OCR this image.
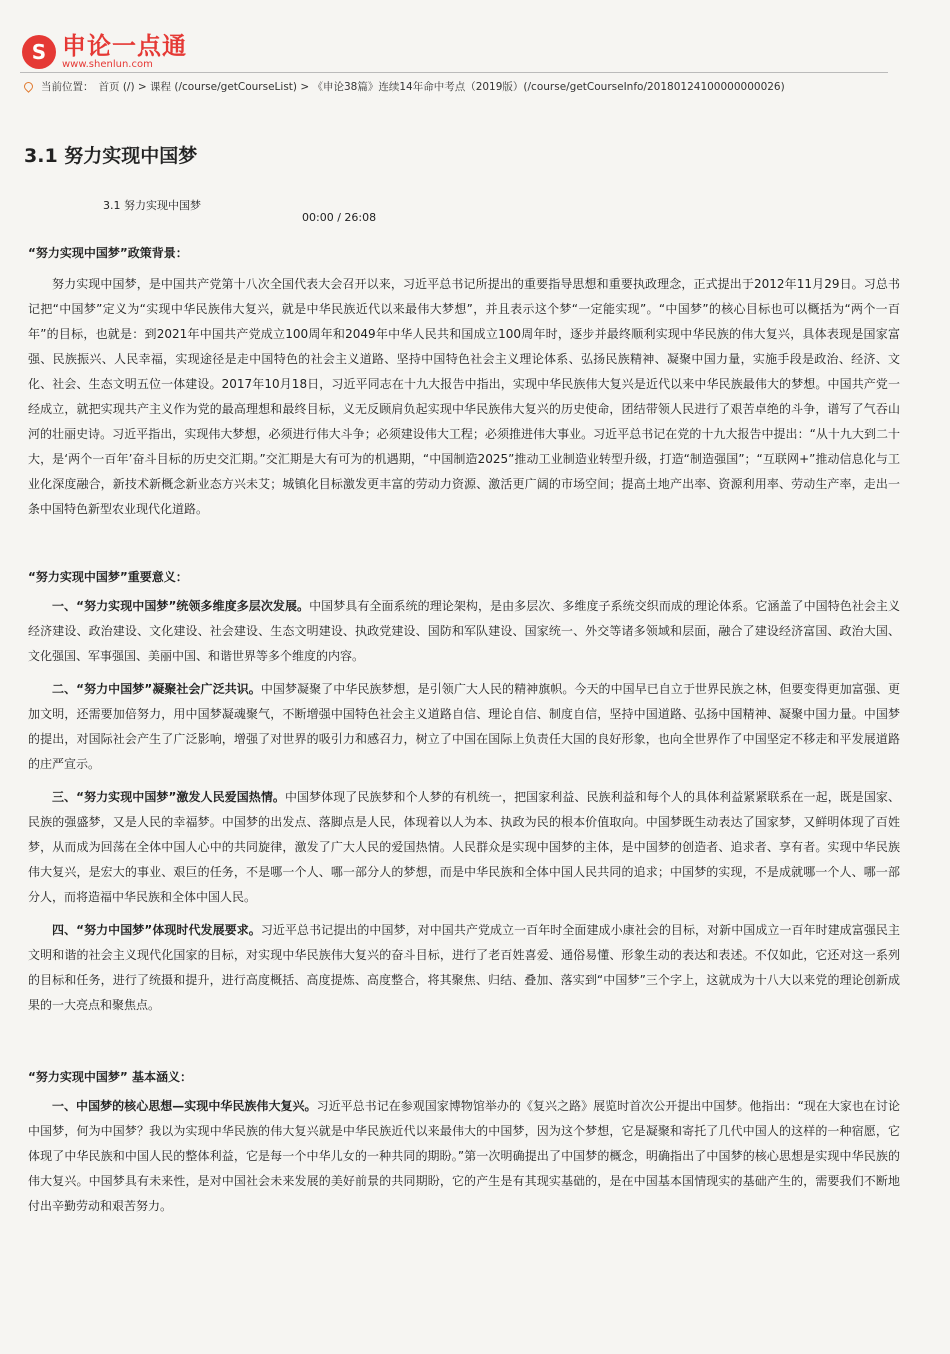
S 申论一点通
www.shenlun.com
当前位置： 首页 (/) > 课程 (/course/getCourseList) > 《申论38篇》连续14年命中考点（2019版）(/course/getCourseInfo/20180124100000000026)
3.1 努力实现中国梦
3.1 努力实现中国梦
00:00 / 26:08
“努力实现中国梦”政策背景：

努力实现中国梦，是中国共产党第十八次全国代表大会召开以来，习近平总书记所提出的重要指导思想和重要执政理念，正式提出于2012年11月29日。习总书记把“中国梦”定义为“实现中华民族伟大复兴，就是中华民族近代以来最伟大梦想”，并且表示这个梦“一定能实现”。“中国梦”的核心目标也可以概括为“两个一百年”的目标，也就是：到2021年中国共产党成立100周年和2049年中华人民共和国成立100周年时，逐步并最终顺利实现中华民族的伟大复兴，具体表现是国家富强、民族振兴、人民幸福，实现途径是走中国特色的社会主义道路、坚持中国特色社会主义理论体系、弘扬民族精神、凝聚中国力量，实施手段是政治、经济、文化、社会、生态文明五位一体建设。2017年10月18日，习近平同志在十九大报告中指出，实现中华民族伟大复兴是近代以来中华民族最伟大的梦想。中国共产党一经成立，就把实现共产主义作为党的最高理想和最终目标，义无反顾肩负起实现中华民族伟大复兴的历史使命，团结带领人民进行了艰苦卓绝的斗争，谱写了气吞山河的壮丽史诗。习近平指出，实现伟大梦想，必须进行伟大斗争；必须建设伟大工程；必须推进伟大事业。习近平总书记在党的十九大报告中提出：“从十九大到二十大，是‘两个一百年’奋斗目标的历史交汇期。”交汇期是大有可为的机遇期，“中国制造2025”推动工业制造业转型升级，打造“制造强国”；“互联网+”推动信息化与工业化深度融合，新技术新概念新业态方兴未艾；城镇化目标激发更丰富的劳动力资源、激活更广阔的市场空间；提高土地产出率、资源利用率、劳动生产率，走出一条中国特色新型农业现代化道路。

“努力实现中国梦”重要意义：

一、“努力实现中国梦”统领多维度多层次发展。中国梦具有全面系统的理论架构，是由多层次、多维度子系统交织而成的理论体系。它涵盖了中国特色社会主义经济建设、政治建设、文化建设、社会建设、生态文明建设、执政党建设、国防和军队建设、国家统一、外交等诸多领域和层面，融合了建设经济富国、政治大国、文化强国、军事强国、美丽中国、和谐世界等多个维度的内容。

二、“努力中国梦”凝聚社会广泛共识。中国梦凝聚了中华民族梦想，是引领广大人民的精神旗帜。今天的中国早已自立于世界民族之林，但要变得更加富强、更加文明，还需要加倍努力，用中国梦凝魂聚气，不断增强中国特色社会主义道路自信、理论自信、制度自信，坚持中国道路、弘扬中国精神、凝聚中国力量。中国梦的提出，对国际社会产生了广泛影响，增强了对世界的吸引力和感召力，树立了中国在国际上负责任大国的良好形象，也向全世界作了中国坚定不移走和平发展道路的庄严宣示。

三、“努力实现中国梦”激发人民爱国热情。中国梦体现了民族梦和个人梦的有机统一，把国家利益、民族利益和每个人的具体利益紧紧联系在一起，既是国家、民族的强盛梦，又是人民的幸福梦。中国梦的出发点、落脚点是人民，体现着以人为本、执政为民的根本价值取向。中国梦既生动表达了国家梦，又鲜明体现了百姓梦，从而成为回荡在全体中国人心中的共同旋律，激发了广大人民的爱国热情。人民群众是实现中国梦的主体，是中国梦的创造者、追求者、享有者。实现中华民族伟大复兴，是宏大的事业、艰巨的任务，不是哪一个人、哪一部分人的梦想，而是中华民族和全体中国人民共同的追求；中国梦的实现，不是成就哪一个人、哪一部分人，而将造福中华民族和全体中国人民。

四、“努力中国梦”体现时代发展要求。习近平总书记提出的中国梦，对中国共产党成立一百年时全面建成小康社会的目标，对新中国成立一百年时建成富强民主文明和谐的社会主义现代化国家的目标，对实现中华民族伟大复兴的奋斗目标，进行了老百姓喜爱、通俗易懂、形象生动的表达和表述。不仅如此，它还对这一系列的目标和任务，进行了统摄和提升，进行高度概括、高度提炼、高度整合，将其聚焦、归结、叠加、落实到“中国梦”三个字上，这就成为十八大以来党的理论创新成果的一大亮点和聚焦点。

“努力实现中国梦” 基本涵义：

一、中国梦的核心思想—实现中华民族伟大复兴。习近平总书记在参观国家博物馆举办的《复兴之路》展览时首次公开提出中国梦。他指出：“现在大家也在讨论中国梦，何为中国梦？我以为实现中华民族的伟大复兴就是中华民族近代以来最伟大的中国梦，因为这个梦想，它是凝聚和寄托了几代中国人的这样的一种宿愿，它体现了中华民族和中国人民的整体利益，它是每一个中华儿女的一种共同的期盼。”第一次明确提出了中国梦的概念，明确指出了中国梦的核心思想是实现中华民族的伟大复兴。中国梦具有未来性，是对中国社会未来发展的美好前景的共同期盼，它的产生是有其现实基础的，是在中国基本国情现实的基础产生的，需要我们不断地付出辛勤劳动和艰苦努力。
